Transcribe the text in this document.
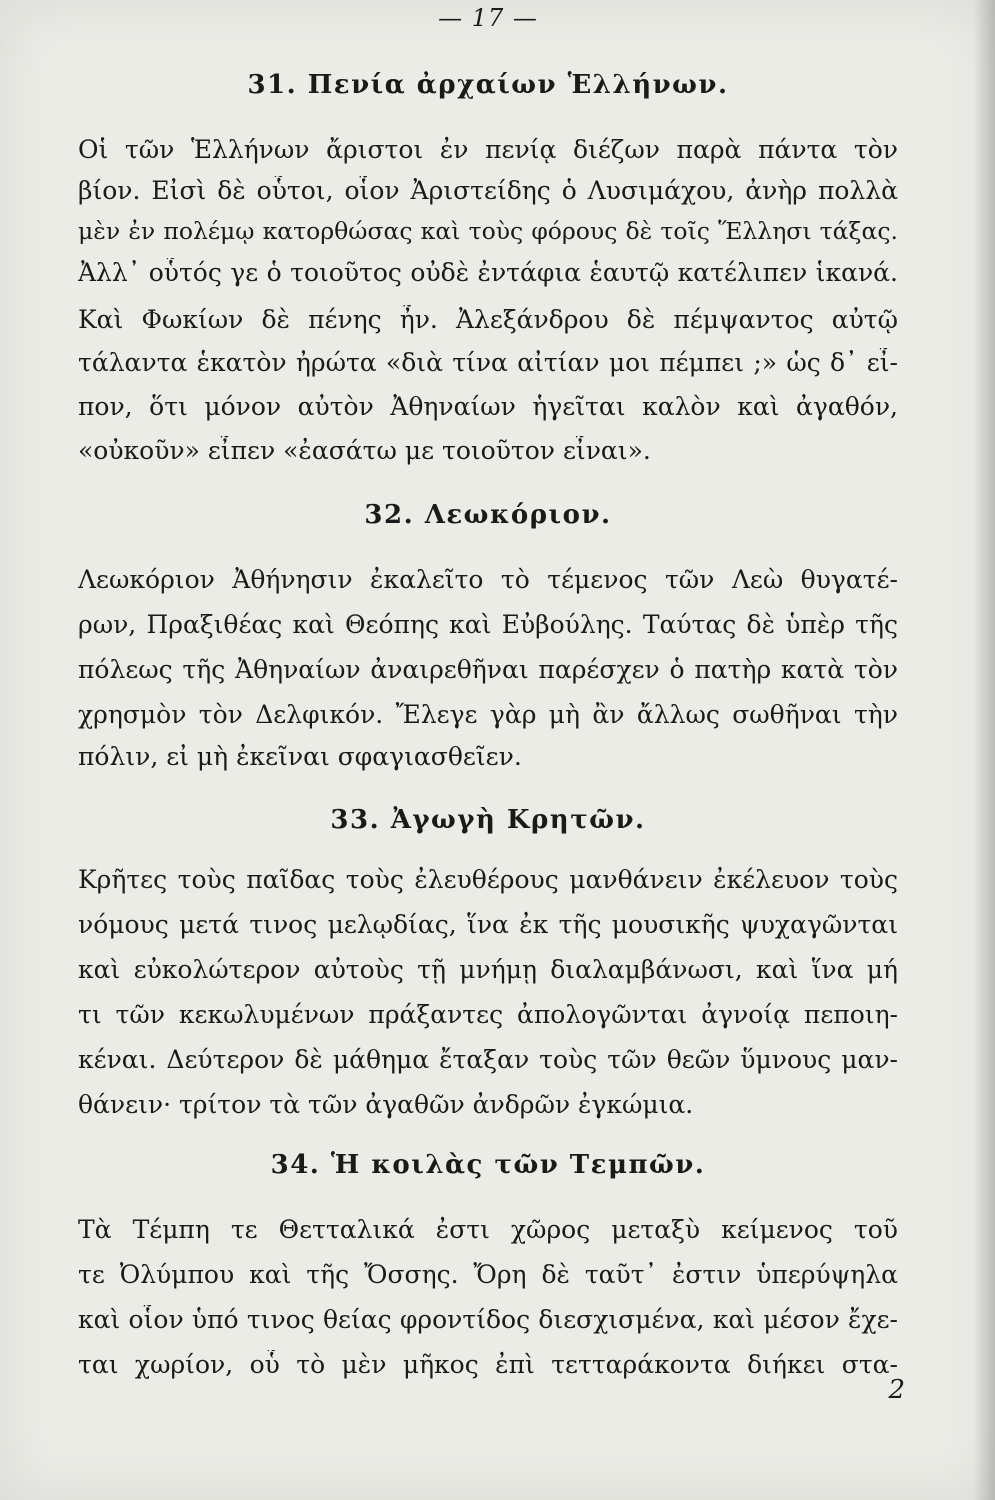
— 17 —
31. Πενία ἀρχαίων Ἑλλήνων.
Οἱ τῶν Ἑλλήνων ἄριστοι ἐν πενίᾳ διέζων παρὰ πάντα τὸν
βίον. Εἰσὶ δὲ οὗτοι, οἷον Ἀριστείδης ὁ Λυσιμάχου, ἀνὴρ πολλὰ
μὲν ἐν πολέμῳ κατορθώσας καὶ τοὺς φόρους δὲ τοῖς Ἕλλησι τάξας.
Ἀλλ᾽ οὗτός γε ὁ τοιοῦτος οὐδὲ ἐντάφια ἑαυτῷ κατέλιπεν ἱκανά.
Καὶ Φωκίων δὲ πένης ἦν. Ἀλεξάνδρου δὲ πέμψαντος αὐτῷ
τάλαντα ἑκατὸν ἠρώτα «διὰ τίνα αἰτίαν μοι πέμπει ;» ὡς δ᾽ εἶ-
πον, ὅτι μόνον αὐτὸν Ἀθηναίων ἡγεῖται καλὸν καὶ ἀγαθόν,
«οὐκοῦν» εἶπεν «ἐασάτω με τοιοῦτον εἶναι».
32. Λεωκόριον.
Λεωκόριον Ἀθήνησιν ἐκαλεῖτο τὸ τέμενος τῶν Λεὼ θυγατέ-
ρων, Πραξιθέας καὶ Θεόπης καὶ Εὐβούλης. Ταύτας δὲ ὑπὲρ τῆς
πόλεως τῆς Ἀθηναίων ἀναιρεθῆναι παρέσχεν ὁ πατὴρ κατὰ τὸν
χρησμὸν τὸν Δελφικόν. Ἔλεγε γὰρ μὴ ἂν ἄλλως σωθῆναι τὴν
πόλιν, εἰ μὴ ἐκεῖναι σφαγιασθεῖεν.
33. Ἀγωγὴ Κρητῶν.
Κρῆτες τοὺς παῖδας τοὺς ἐλευθέρους μανθάνειν ἐκέλευον τοὺς
νόμους μετά τινος μελῳδίας, ἵνα ἐκ τῆς μουσικῆς ψυχαγῶνται
καὶ εὐκολώτερον αὐτοὺς τῇ μνήμῃ διαλαμβάνωσι, καὶ ἵνα μή
τι τῶν κεκωλυμένων πράξαντες ἀπολογῶνται ἀγνοίᾳ πεποιη-
κέναι. Δεύτερον δὲ μάθημα ἔταξαν τοὺς τῶν θεῶν ὕμνους μαν-
θάνειν· τρίτον τὰ τῶν ἀγαθῶν ἀνδρῶν ἐγκώμια.
34. Ἡ κοιλὰς τῶν Τεμπῶν.
Τὰ Τέμπη τε Θετταλικά ἐστι χῶρος μεταξὺ κείμενος τοῦ
τε Ὀλύμπου καὶ τῆς Ὄσσης. Ὄρη δὲ ταῦτ᾽ ἐστιν ὑπερύψηλα
καὶ οἷον ὑπό τινος θείας φροντίδος διεσχισμένα, καὶ μέσον ἔχε-
ται χωρίον, οὗ τὸ μὲν μῆκος ἐπὶ τετταράκοντα διήκει στα-
2
